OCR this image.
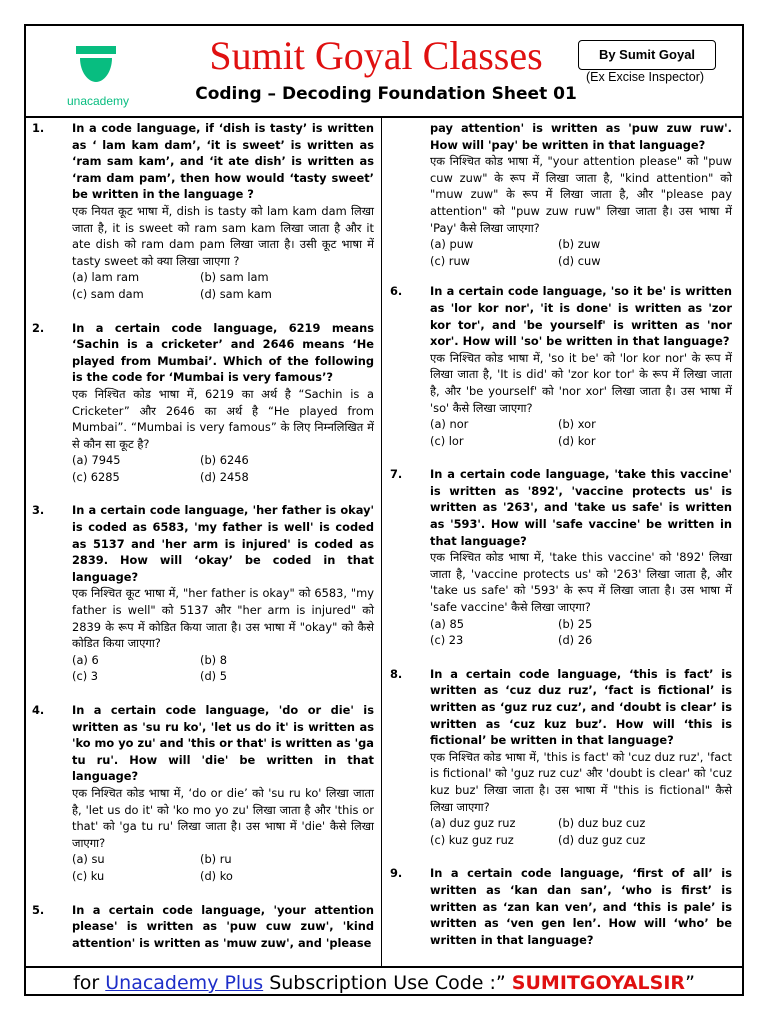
unacademy
Sumit Goyal Classes
Coding – Decoding Foundation Sheet 01
By Sumit Goyal
(Ex Excise Inspector)
1.	In a code language, if ‘dish is tasty’ is written as ‘ lam kam dam’, ‘it is sweet’ is written as ‘ram sam kam’, and ‘it ate dish’ is written as ‘ram dam pam’, then how would ‘tasty sweet’ be written in the language ?
एक नियत कूट भाषा में, dish is tasty को lam kam dam लिखा जाता है, it is sweet को ram sam kam लिखा जाता है और it ate dish को ram dam pam लिखा जाता है। उसी कूट भाषा में tasty sweet को क्या लिखा जाएगा ?
(a) lam ram	(b) sam lam
(c) sam dam	(d) sam kam
2.	In a certain code language, 6219 means ‘Sachin is a cricketer’ and 2646 means ‘He played from Mumbai’. Which of the following is the code for ‘Mumbai is very famous’?
एक निश्चित कोड भाषा में, 6219 का अर्थ है “Sachin is a Cricketer” और 2646 का अर्थ है “He played from Mumbai”. “Mumbai is very famous” के लिए निम्नलिखित में से कौन सा कूट है?
(a) 7945	(b) 6246
(c) 6285	(d) 2458
3.	In a certain code language, 'her father is okay' is coded as 6583, 'my father is well' is coded as 5137 and 'her arm is injured' is coded as 2839. How will ‘okay’ be coded in that language?
एक निश्चित कूट भाषा में, "her father is okay" को 6583, "my father is well" को 5137 और "her arm is injured" को 2839 के रूप में कोडित किया जाता है। उस भाषा में "okay" को कैसे कोडित किया जाएगा?
(a) 6	(b) 8
(c) 3	(d) 5
4.	In a certain code language, 'do or die' is written as 'su ru ko', 'let us do it' is written as 'ko mo yo zu' and 'this or that' is written as 'ga tu ru'. How will 'die' be written in that language?
एक निश्चित कोड भाषा में, ‘do or die’ को 'su ru ko' लिखा जाता है, 'let us do it' को 'ko mo yo zu' लिखा जाता है और 'this or that' को 'ga tu ru' लिखा जाता है। उस भाषा में 'die' कैसे लिखा जाएगा?
(a) su	(b) ru
(c) ku	(d) ko
5.	In a certain code language, 'your attention please' is written as 'puw cuw zuw', 'kind attention' is written as 'muw zuw', and 'please
pay attention' is written as 'puw zuw ruw'. How will 'pay' be written in that language?
एक निश्चित कोड भाषा में, "your attention please" को "puw cuw zuw" के रूप में लिखा जाता है, "kind attention" को "muw zuw" के रूप में लिखा जाता है, और "please pay attention" को "puw zuw ruw" लिखा जाता है। उस भाषा में 'Pay' कैसे लिखा जाएगा?
(a) puw	(b) zuw
(c) ruw	(d) cuw
6.	In a certain code language, 'so it be' is written as 'lor kor nor', 'it is done' is written as 'zor kor tor', and 'be yourself' is written as 'nor xor'. How will 'so' be written in that language?
एक निश्चित कोड भाषा में, 'so it be' को 'lor kor nor' के रूप में लिखा जाता है, 'It is did' को 'zor kor tor' के रूप में लिखा जाता है, और 'be yourself' को 'nor xor' लिखा जाता है। उस भाषा में 'so' कैसे लिखा जाएगा?
(a) nor	(b) xor
(c) lor	(d) kor
7.	In a certain code language, 'take this vaccine' is written as '892', 'vaccine protects us' is written as '263', and 'take us safe' is written as '593'. How will 'safe vaccine' be written in that language?
एक निश्चित कोड भाषा में, 'take this vaccine' को '892' लिखा जाता है, 'vaccine protects us' को '263' लिखा जाता है, और 'take us safe' को '593' के रूप में लिखा जाता है। उस भाषा में 'safe vaccine' कैसे लिखा जाएगा?
(a) 85	(b) 25
(c) 23	(d) 26
8.	In a certain code language, ‘this is fact’ is written as ‘cuz duz ruz’, ‘fact is fictional’ is written as ‘guz ruz cuz’, and ‘doubt is clear’ is written as ‘cuz kuz buz’. How will ‘this is fictional’ be written in that language?
एक निश्चित कोड भाषा में, 'this is fact' को 'cuz duz ruz', 'fact is fictional' को 'guz ruz cuz' और 'doubt is clear' को 'cuz kuz buz' लिखा जाता है। उस भाषा में "this is fictional" कैसे लिखा जाएगा?
(a) duz guz ruz	(b) duz buz cuz
(c) kuz guz ruz	(d) duz guz cuz
9.	In a certain code language, ‘first of all’ is written as ‘kan dan san’, ‘who is first’ is written as ‘zan kan ven’, and ‘this is pale’ is written as ‘ven gen len’. How will ‘who’ be written in that language?
for Unacademy Plus Subscription Use Code :” SUMITGOYALSIR”
